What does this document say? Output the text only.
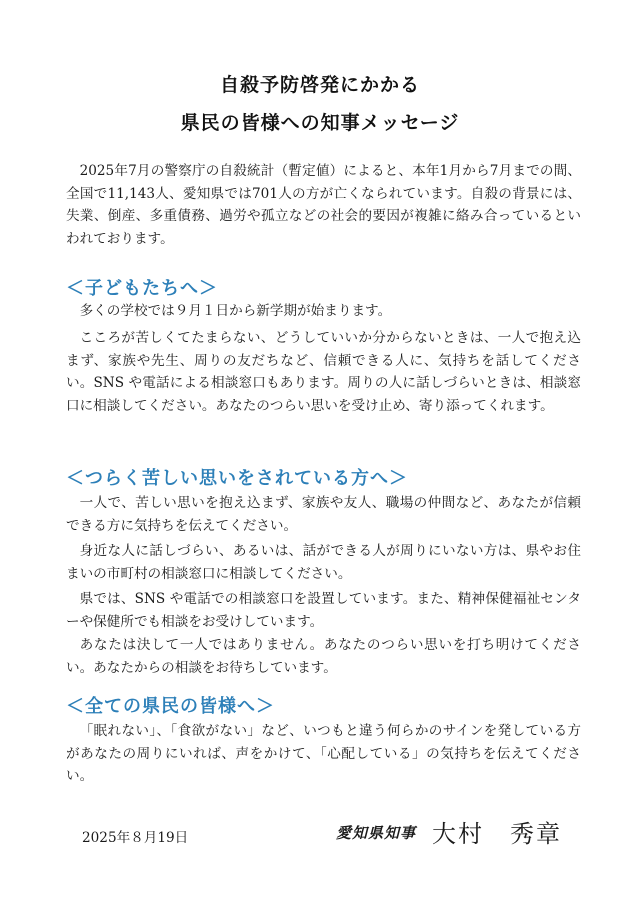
自殺予防啓発にかかる
県民の皆様への知事メッセージ

2025年7月の警察庁の自殺統計（暫定値）によると、本年1月から7月までの間、全国で11,143人、愛知県では701人の方が亡くなられています。自殺の背景には、失業、倒産、多重債務、過労や孤立などの社会的要因が複雑に絡み合っているといわれております。

＜子どもたちへ＞

多くの学校では９月１日から新学期が始まります。

こころが苦しくてたまらない、どうしていいか分からないときは、一人で抱え込まず、家族や先生、周りの友だちなど、信頼できる人に、気持ちを話してください。SNS や電話による相談窓口もあります。周りの人に話しづらいときは、相談窓口に相談してください。あなたのつらい思いを受け止め、寄り添ってくれます。

＜つらく苦しい思いをされている方へ＞

一人で、苦しい思いを抱え込まず、家族や友人、職場の仲間など、あなたが信頼できる方に気持ちを伝えてください。

身近な人に話しづらい、あるいは、話ができる人が周りにいない方は、県やお住まいの市町村の相談窓口に相談してください。

県では、SNS や電話での相談窓口を設置しています。また、精神保健福祉センターや保健所でも相談をお受けしています。

あなたは決して一人ではありません。あなたのつらい思いを打ち明けてください。あなたからの相談をお待ちしています。

＜全ての県民の皆様へ＞

「眠れない」、「食欲がない」など、いつもと違う何らかのサインを発している方があなたの周りにいれば、声をかけて、「心配している」の気持ちを伝えてください。

2025年８月19日	愛知県知事 大村　秀章
